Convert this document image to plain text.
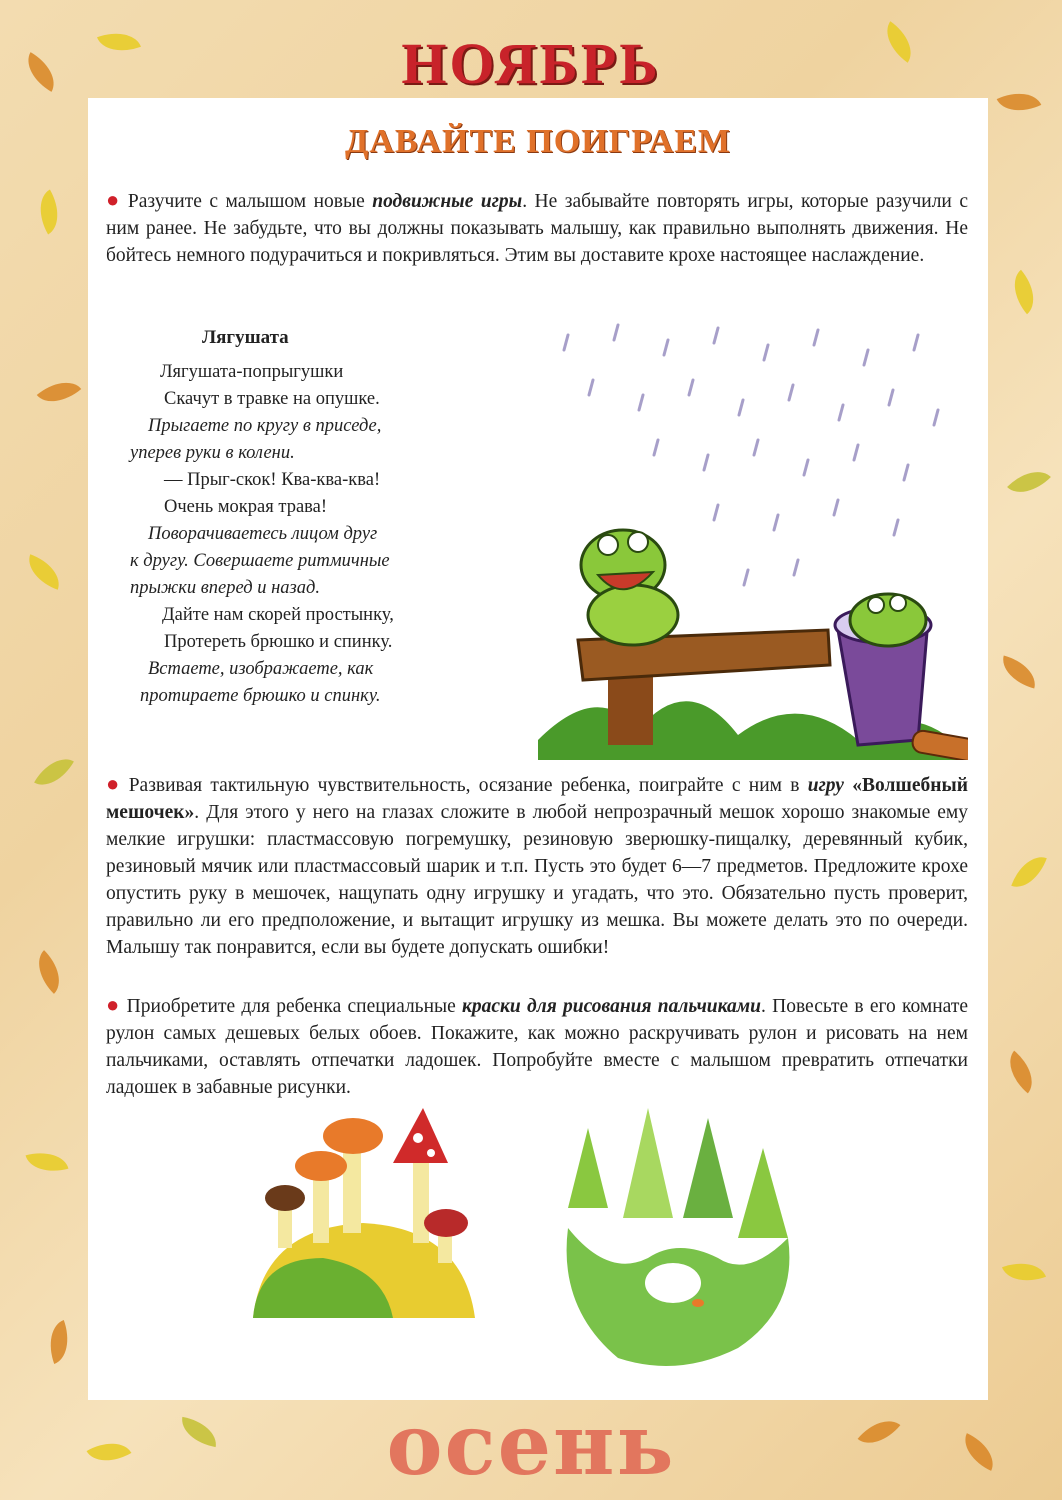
НОЯБРЬ
ДАВАЙТЕ ПОИГРАЕМ
● Разучите с малышом новые подвижные игры. Не забывайте повторять игры, которые разучили с ним ранее. Не забудьте, что вы должны показывать малышу, как правильно выполнять движения. Не бойтесь немного подурачиться и покривляться. Этим вы доставите крохе настоящее наслаждение.
Лягушата
Лягушата-попрыгушки
Скачут в травке на опушке.
Прыгаете по кругу в приседе,
уперев руки в колени.
— Прыг-скок! Ква-ква-ква!
Очень мокрая трава!
Поворачиваетесь лицом друг
к другу. Совершаете ритмичные
прыжки вперед и назад.
Дайте нам скорей простынку,
Протереть брюшко и спинку.
Встаете, изображаете, как
протираете брюшко и спинку.
● Развивая тактильную чувствительность, осязание ребенка, поиграйте с ним в игру «Волшебный мешочек». Для этого у него на глазах сложите в любой непрозрачный мешок хорошо знакомые ему мелкие игрушки: пластмассовую погремушку, резиновую зверюшку-пищалку, деревянный кубик, резиновый мячик или пластмассовый шарик и т.п. Пусть это будет 6—7 предметов. Предложите крохе опустить руку в мешочек, нащупать одну игрушку и угадать, что это. Обязательно пусть проверит, правильно ли его предположение, и вытащит игрушку из мешка. Вы можете делать это по очереди. Малышу так понравится, если вы будете допускать ошибки!
● Приобретите для ребенка специальные краски для рисования пальчиками. Повесьте в его комнате рулон самых дешевых белых обоев. Покажите, как можно раскручивать рулон и рисовать на нем пальчиками, оставлять отпечатки ладошек. Попробуйте вместе с малышом превратить отпечатки ладошек в забавные рисунки.
осень
